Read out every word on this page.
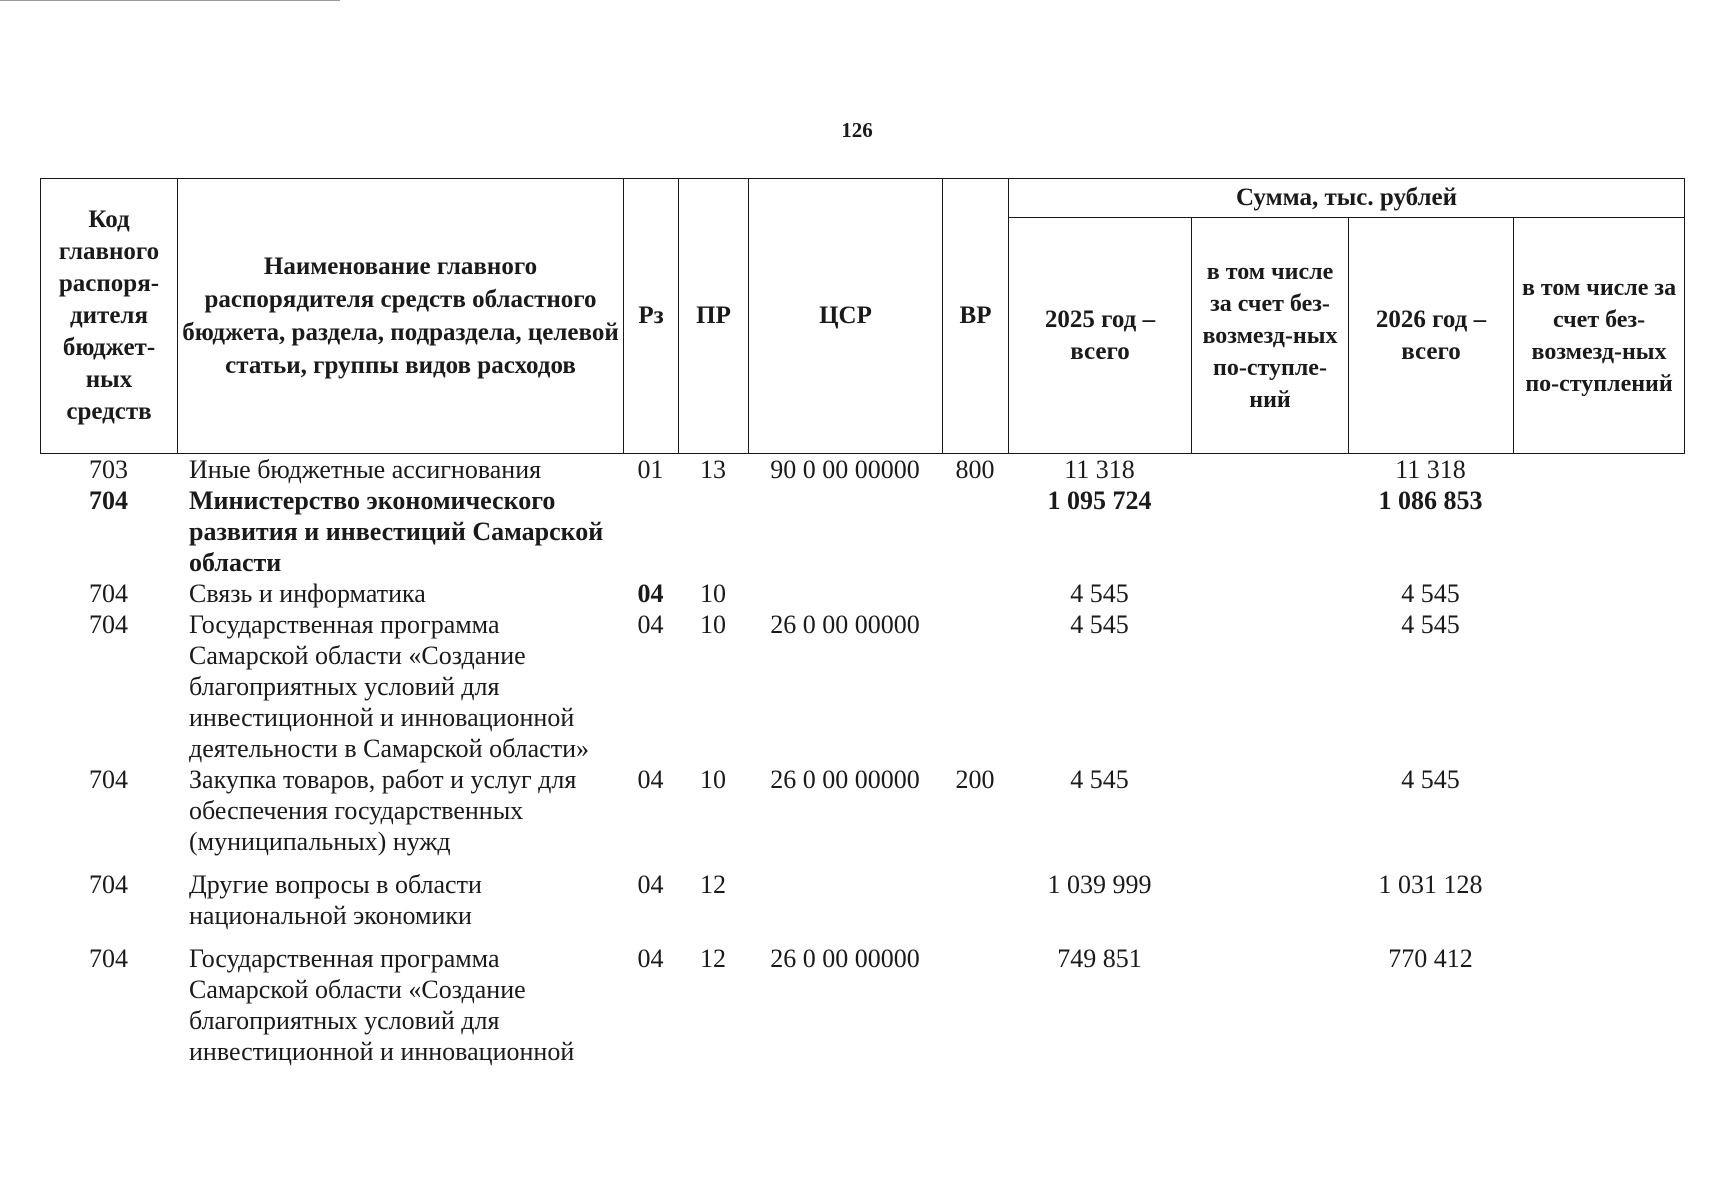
126
Код главного распоря-дителя бюджет-ных средств	Наименование главного распорядителя средств областного бюджета, раздела, подраздела, целевой статьи, группы видов расходов	Рз	ПР	ЦСР	ВР	Сумма, тыс. рублей			
						2025 год – всего	в том числе за счет без-возмезд-ных по-ступле-ний	2026 год – всего	в том числе за счет без-возмезд-ных по-ступлений
703	Иные бюджетные ассигнования	01	13	90 0 00 00000	800	11 318		11 318	
704	Министерство экономического развития и инвестиций Самарской области					1 095 724		1 086 853	
704	Связь и информатика	04	10			4 545		4 545	
704	Государственная программа Самарской области «Создание благоприятных условий для инвестиционной и инновационной деятельности в Самарской области»	04	10	26 0 00 00000		4 545		4 545	
704	Закупка товаров, работ и услуг для обеспечения государственных (муниципальных) нужд	04	10	26 0 00 00000	200	4 545		4 545	
704	Другие вопросы в области национальной экономики	04	12			1 039 999		1 031 128	
704	Государственная программа Самарской области «Создание благоприятных условий для инвестиционной и инновационной	04	12	26 0 00 00000		749 851		770 412	
